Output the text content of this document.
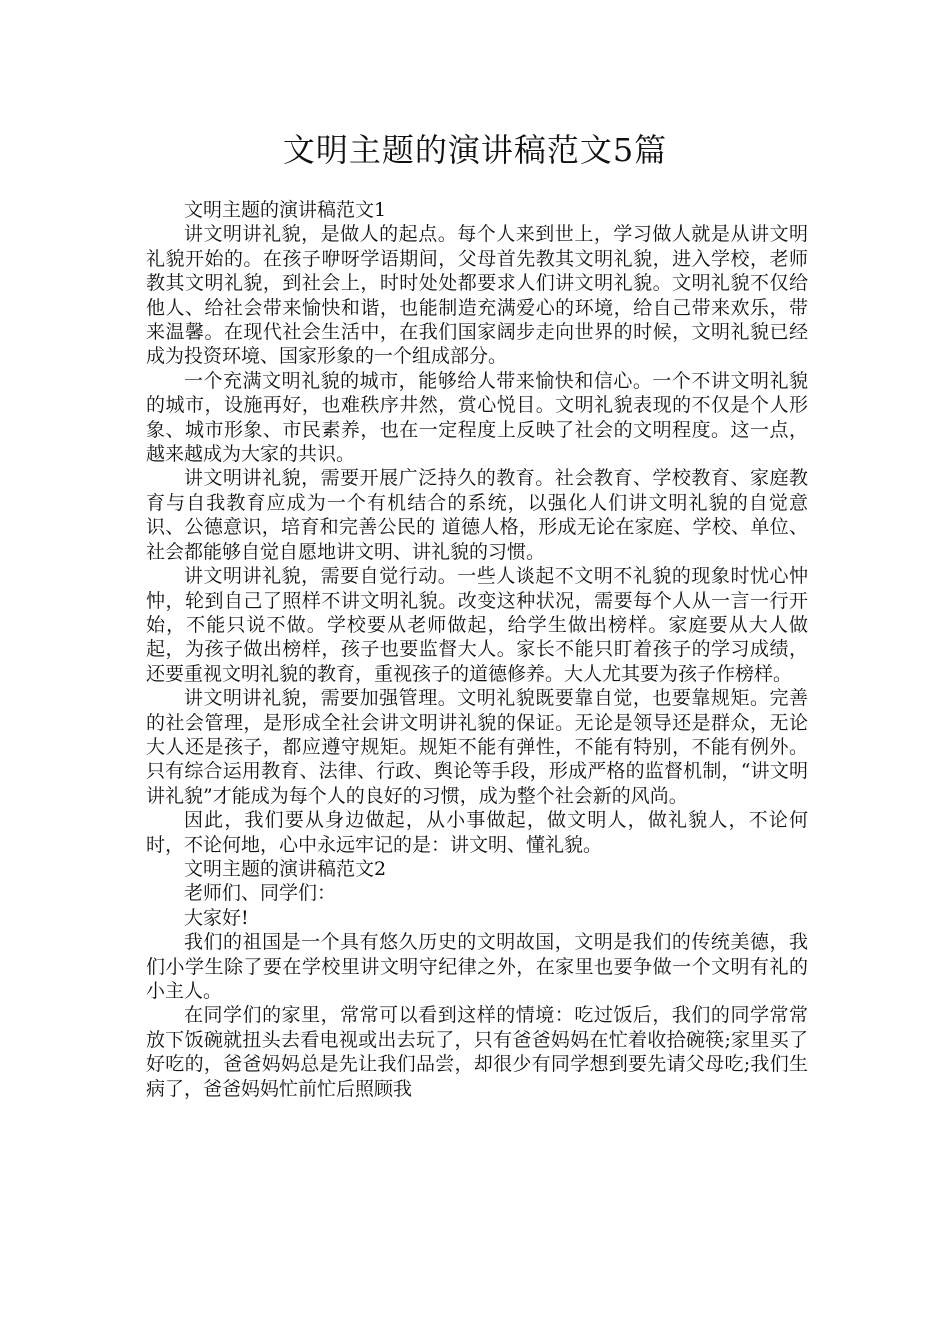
文明主题的演讲稿范文5篇

文明主题的演讲稿范文1

讲文明讲礼貌，是做人的起点。每个人来到世上，学习做人就是从讲文明礼貌开始的。在孩子咿呀学语期间，父母首先教其文明礼貌，进入学校，老师教其文明礼貌，到社会上，时时处处都要求人们讲文明礼貌。文明礼貌不仅给他人、给社会带来愉快和谐，也能制造充满爱心的环境，给自己带来欢乐，带来温馨。在现代社会生活中，在我们国家阔步走向世界的时候，文明礼貌已经成为投资环境、国家形象的一个组成部分。

一个充满文明礼貌的城市，能够给人带来愉快和信心。一个不讲文明礼貌的城市，设施再好，也难秩序井然，赏心悦目。文明礼貌表现的不仅是个人形象、城市形象、市民素养，也在一定程度上反映了社会的文明程度。这一点，越来越成为大家的共识。

讲文明讲礼貌，需要开展广泛持久的教育。社会教育、学校教育、家庭教育与自我教育应成为一个有机结合的系统，以强化人们讲文明礼貌的自觉意识、公德意识，培育和完善公民的 道德人格，形成无论在家庭、学校、单位、社会都能够自觉自愿地讲文明、讲礼貌的习惯。

讲文明讲礼貌，需要自觉行动。一些人谈起不文明不礼貌的现象时忧心忡忡，轮到自己了照样不讲文明礼貌。改变这种状况，需要每个人从一言一行开始，不能只说不做。学校要从老师做起，给学生做出榜样。家庭要从大人做起，为孩子做出榜样，孩子也要监督大人。家长不能只盯着孩子的学习成绩，还要重视文明礼貌的教育，重视孩子的道德修养。大人尤其要为孩子作榜样。

讲文明讲礼貌，需要加强管理。文明礼貌既要靠自觉，也要靠规矩。完善的社会管理，是形成全社会讲文明讲礼貌的保证。无论是领导还是群众，无论大人还是孩子，都应遵守规矩。规矩不能有弹性，不能有特别，不能有例外。只有综合运用教育、法律、行政、舆论等手段，形成严格的监督机制，“讲文明讲礼貌”才能成为每个人的良好的习惯，成为整个社会新的风尚。

因此，我们要从身边做起，从小事做起，做文明人，做礼貌人，不论何时，不论何地，心中永远牢记的是：讲文明、懂礼貌。

文明主题的演讲稿范文2

老师们、同学们：

大家好!

我们的祖国是一个具有悠久历史的文明故国，文明是我们的传统美德，我们小学生除了要在学校里讲文明守纪律之外，在家里也要争做一个文明有礼的小主人。

在同学们的家里，常常可以看到这样的情境：吃过饭后，我们的同学常常放下饭碗就扭头去看电视或出去玩了，只有爸爸妈妈在忙着收拾碗筷;家里买了好吃的，爸爸妈妈总是先让我们品尝，却很少有同学想到要先请父母吃;我们生病了，爸爸妈妈忙前忙后照顾我
